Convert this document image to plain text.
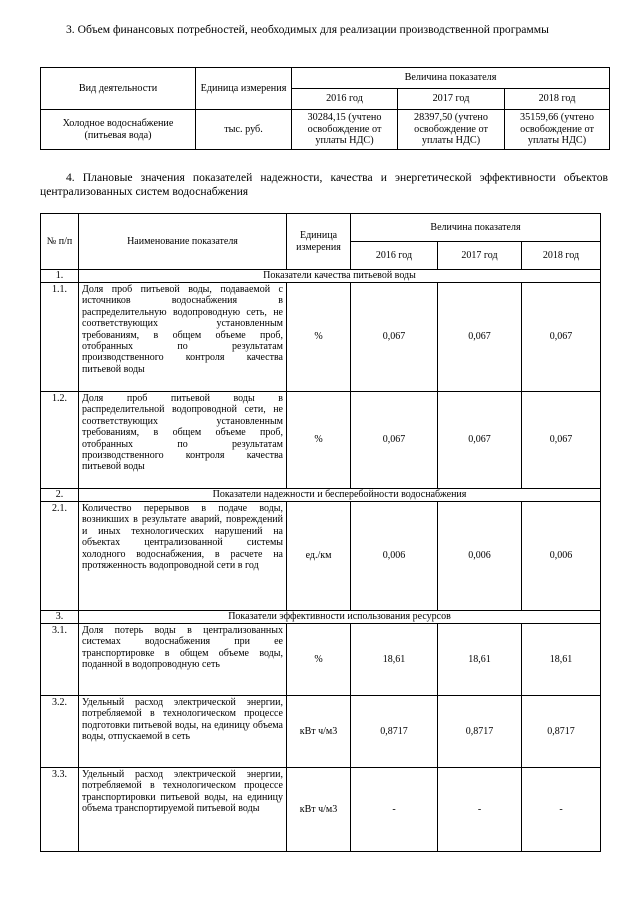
3. Объем финансовых потребностей, необходимых для реализации производственной программы
Вид деятельности	Единица измерения	Величина показателя		
		2016 год	2017 год	2018 год
Холодное водоснабжение (питьевая вода)	тыс. руб.	30284,15 (учтено освобождение от уплаты НДС)	28397,50 (учтено освобождение от уплаты НДС)	35159,66 (учтено освобождение от уплаты НДС)
4. Плановые значения показателей надежности, качества и энергетической эффективности объектов централизованных систем водоснабжения
№ п/п	Наименование показателя	Единица измерения	Величина показателя		
			2016 год	2017 год	2018 год
1.	Показатели качества питьевой воды				
1.1.	Доля проб питьевой воды, подаваемой с источников водоснабжения в распределительную водопроводную сеть, не соответствующих установленным требованиям, в общем объеме проб, отобранных по результатам производственного контроля качества питьевой воды	%	0,067	0,067	0,067
1.2.	Доля проб питьевой воды в распределительной водопроводной сети, не соответствующих установленным требованиям, в общем объеме проб, отобранных по результатам производственного контроля качества питьевой воды	%	0,067	0,067	0,067
2.	Показатели надежности и бесперебойности водоснабжения				
2.1.	Количество перерывов в подаче воды, возникших в результате аварий, повреждений и иных технологических нарушений на объектах централизованной системы холодного водоснабжения, в расчете на протяженность водопроводной сети в год	ед./км	0,006	0,006	0,006
3.	Показатели эффективности использования ресурсов				
3.1.	Доля потерь воды в централизованных системах водоснабжения при ее транспортировке в общем объеме воды, поданной в водопроводную сеть	%	18,61	18,61	18,61
3.2.	Удельный расход электрической энергии, потребляемой в технологическом процессе подготовки питьевой воды, на единицу объема воды, отпускаемой в сеть	кВт ч/м3	0,8717	0,8717	0,8717
3.3.	Удельный расход электрической энергии, потребляемой в технологическом процессе транспортировки питьевой воды, на единицу объема транспортируемой питьевой воды	кВт ч/м3	-	-	-
